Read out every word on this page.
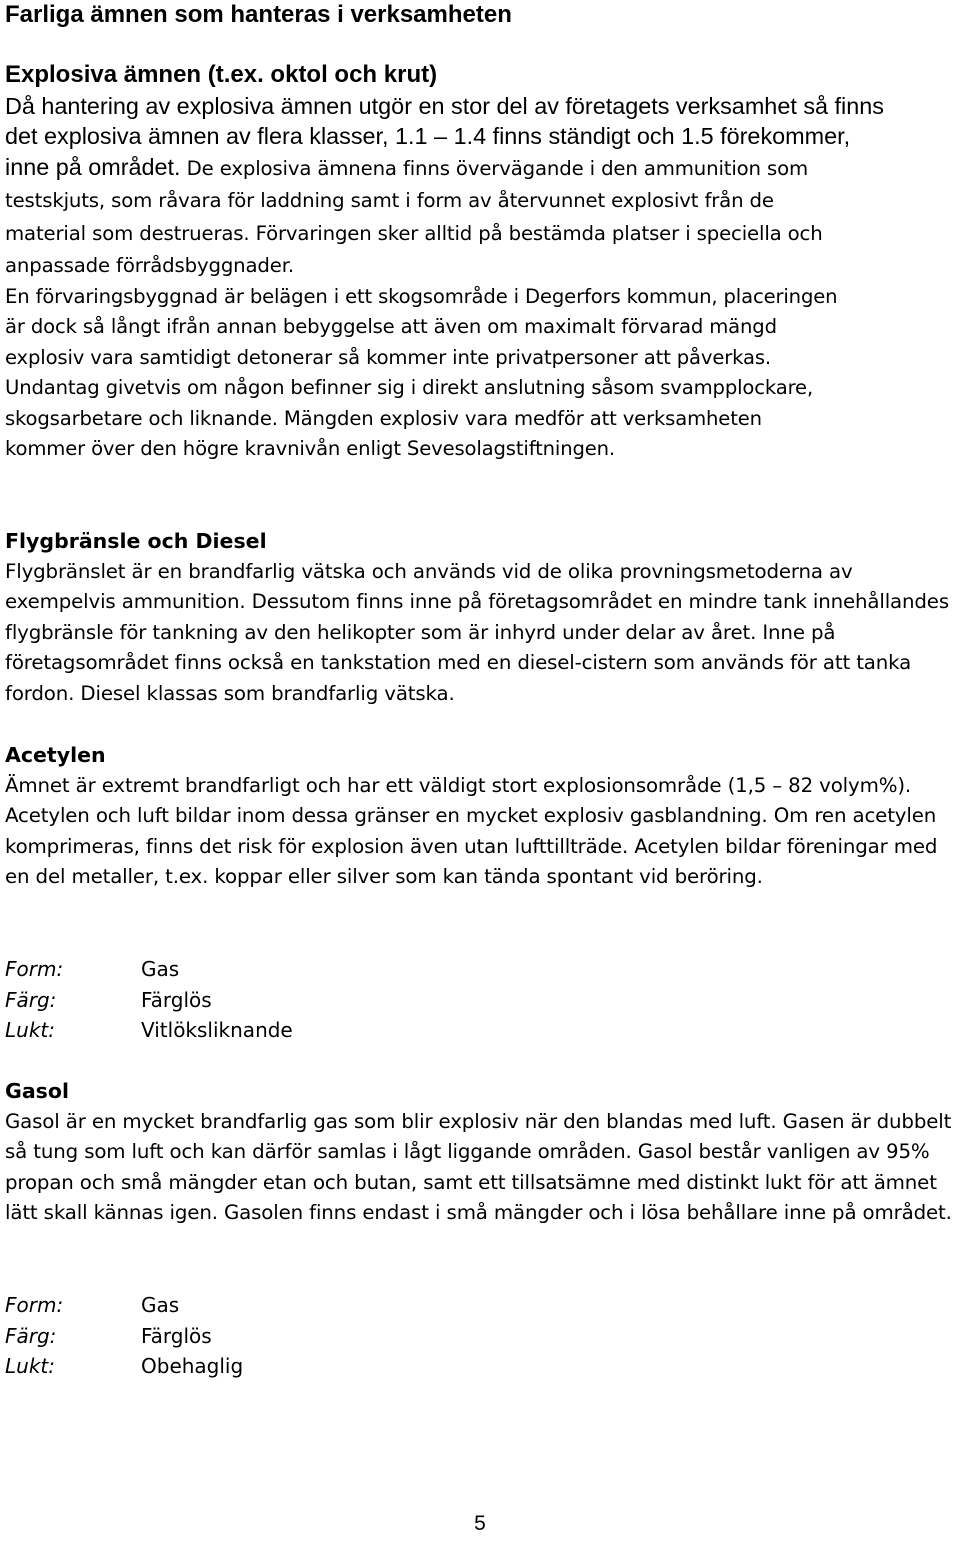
Farliga ämnen som hanteras i verksamheten
Explosiva ämnen (t.ex. oktol och krut)

Då hantering av explosiva ämnen utgör en stor del av företagets verksamhet så finns
det explosiva ämnen av flera klasser, 1.1 – 1.4 finns ständigt och 1.5 förekommer,
inne på området. De explosiva ämnena finns övervägande i den ammunition som
testskjuts, som råvara för laddning samt i form av återvunnet explosivt från de
material som destrueras. Förvaringen sker alltid på bestämda platser i speciella och
anpassade förrådsbyggnader.

En förvaringsbyggnad är belägen i ett skogsområde i Degerfors kommun, placeringen
är dock så långt ifrån annan bebyggelse att även om maximalt förvarad mängd
explosiv vara samtidigt detonerar så kommer inte privatpersoner att påverkas.
Undantag givetvis om någon befinner sig i direkt anslutning såsom svampplockare,
skogsarbetare och liknande. Mängden explosiv vara medför att verksamheten
kommer över den högre kravnivån enligt Sevesolagstiftningen.

Flygbränsle och Diesel

Flygbränslet är en brandfarlig vätska och används vid de olika provningsmetoderna av exempelvis ammunition. Dessutom finns inne på företagsområdet en mindre tank innehållandes flygbränsle för tankning av den helikopter som är inhyrd under delar av året. Inne på företagsområdet finns också en tankstation med en diesel-cistern som används för att tanka fordon. Diesel klassas som brandfarlig vätska.

Acetylen

Ämnet är extremt brandfarligt och har ett väldigt stort explosionsområde (1,5 – 82 volym%). Acetylen och luft bildar inom dessa gränser en mycket explosiv gasblandning. Om ren acetylen komprimeras, finns det risk för explosion även utan lufttillträde. Acetylen bildar föreningar med en del metaller, t.ex. koppar eller silver som kan tända spontant vid beröring.

Form:	Gas
Färg:	Färglös
Lukt:	Vitlöksliknande
Gasol

Gasol är en mycket brandfarlig gas som blir explosiv när den blandas med luft. Gasen är dubbelt så tung som luft och kan därför samlas i lågt liggande områden. Gasol består vanligen av 95% propan och små mängder etan och butan, samt ett tillsatsämne med distinkt lukt för att ämnet lätt skall kännas igen. Gasolen finns endast i små mängder och i lösa behållare inne på området.

Form:	Gas
Färg:	Färglös
Lukt:	Obehaglig
5
